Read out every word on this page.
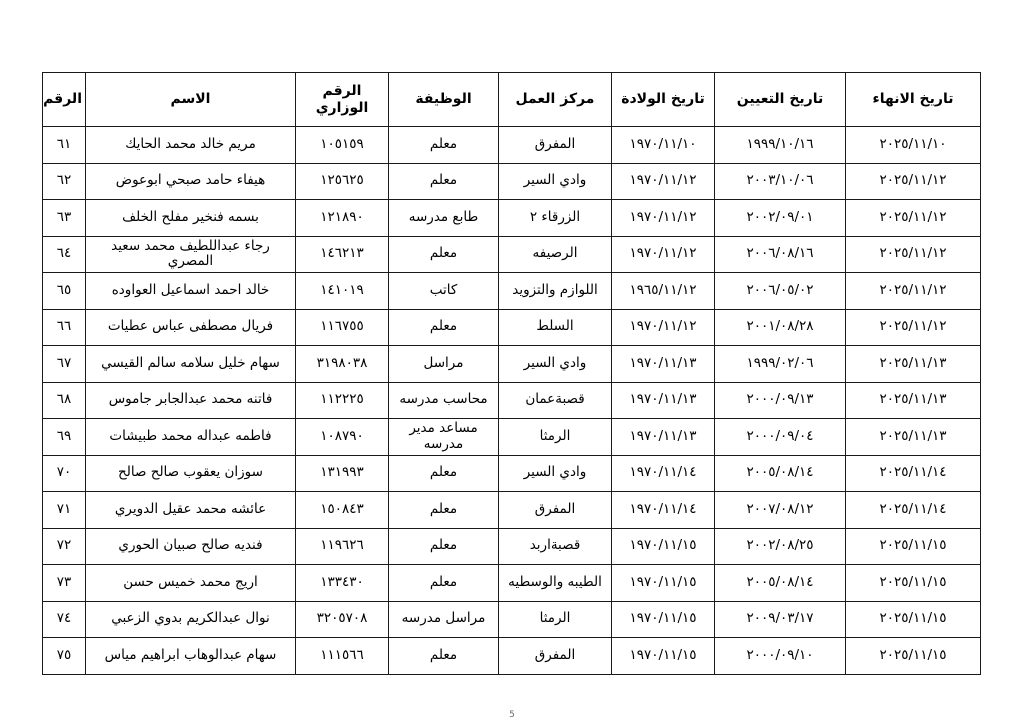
تاريخ الانهاء	تاريخ التعيين	تاريخ الولادة	مركز العمل	الوظيفة	الرقم الوزاري	الاسم	الرقم
٢٠٢٥/١١/١٠	١٩٩٩/١٠/١٦	١٩٧٠/١١/١٠	المفرق	معلم	١٠٥١٥٩	مريم خالد محمد الحايك	٦١
٢٠٢٥/١١/١٢	٢٠٠٣/١٠/٠٦	١٩٧٠/١١/١٢	وادي السير	معلم	١٢٥٦٢٥	هيفاء حامد صبحي ابوعوض	٦٢
٢٠٢٥/١١/١٢	٢٠٠٢/٠٩/٠١	١٩٧٠/١١/١٢	الزرقاء ٢	طابع مدرسه	١٢١٨٩٠	بسمه فنخير مفلح الخلف	٦٣
٢٠٢٥/١١/١٢	٢٠٠٦/٠٨/١٦	١٩٧٠/١١/١٢	الرصيفه	معلم	١٤٦٢١٣	رجاء عبداللطيف محمد سعيد المصري	٦٤
٢٠٢٥/١١/١٢	٢٠٠٦/٠٥/٠٢	١٩٦٥/١١/١٢	اللوازم والتزويد	كاتب	١٤١٠١٩	خالد احمد اسماعيل العواوده	٦٥
٢٠٢٥/١١/١٢	٢٠٠١/٠٨/٢٨	١٩٧٠/١١/١٢	السلط	معلم	١١٦٧٥٥	فريال مصطفى عباس عطيات	٦٦
٢٠٢٥/١١/١٣	١٩٩٩/٠٢/٠٦	١٩٧٠/١١/١٣	وادي السير	مراسل	٣١٩٨٠٣٨	سهام خليل سلامه سالم القيسي	٦٧
٢٠٢٥/١١/١٣	٢٠٠٠/٠٩/١٣	١٩٧٠/١١/١٣	قصبةعمان	محاسب مدرسه	١١٢٢٢٥	فاتنه محمد عبدالجابر جاموس	٦٨
٢٠٢٥/١١/١٣	٢٠٠٠/٠٩/٠٤	١٩٧٠/١١/١٣	الرمثا	مساعد مدير مدرسه	١٠٨٧٩٠	فاطمه عبداله محمد طبيشات	٦٩
٢٠٢٥/١١/١٤	٢٠٠٥/٠٨/١٤	١٩٧٠/١١/١٤	وادي السير	معلم	١٣١٩٩٣	سوزان يعقوب صالح صالح	٧٠
٢٠٢٥/١١/١٤	٢٠٠٧/٠٨/١٢	١٩٧٠/١١/١٤	المفرق	معلم	١٥٠٨٤٣	عائشه محمد عقيل الدويري	٧١
٢٠٢٥/١١/١٥	٢٠٠٢/٠٨/٢٥	١٩٧٠/١١/١٥	قصبةاربد	معلم	١١٩٦٢٦	فنديه صالح صبيان الحوري	٧٢
٢٠٢٥/١١/١٥	٢٠٠٥/٠٨/١٤	١٩٧٠/١١/١٥	الطيبه والوسطيه	معلم	١٣٣٤٣٠	اريج محمد خميس حسن	٧٣
٢٠٢٥/١١/١٥	٢٠٠٩/٠٣/١٧	١٩٧٠/١١/١٥	الرمثا	مراسل مدرسه	٣٢٠٥٧٠٨	نوال عبدالكريم بدوي الزعبي	٧٤
٢٠٢٥/١١/١٥	٢٠٠٠/٠٩/١٠	١٩٧٠/١١/١٥	المفرق	معلم	١١١٥٦٦	سهام عبدالوهاب ابراهيم مياس	٧٥
5
